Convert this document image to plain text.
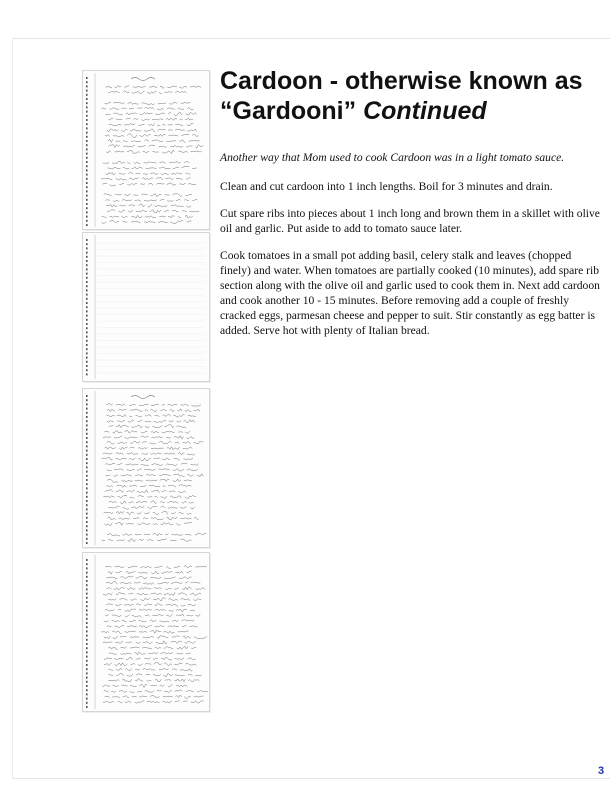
Cardoon - otherwise known as “Gardooni” Continued

Another way that Mom used to cook Cardoon was in a light tomato sauce.

Clean and cut cardoon into 1 inch lengths. Boil for 3 minutes and drain.

Cut spare ribs into pieces about 1 inch long and brown them in a skillet with olive oil and garlic. Put aside to add to tomato sauce later.

Cook tomatoes in a small pot adding basil, celery stalk and leaves (chopped finely) and water. When tomatoes are partially cooked (10 minutes), add spare rib section along with the olive oil and garlic used to cook them in. Next add cardoon and cook another 10 - 15 minutes. Before removing add a couple of freshly cracked eggs, parmesan cheese and pepper to suit. Stir constantly as egg batter is added. Serve hot with plenty of Italian bread.

3
